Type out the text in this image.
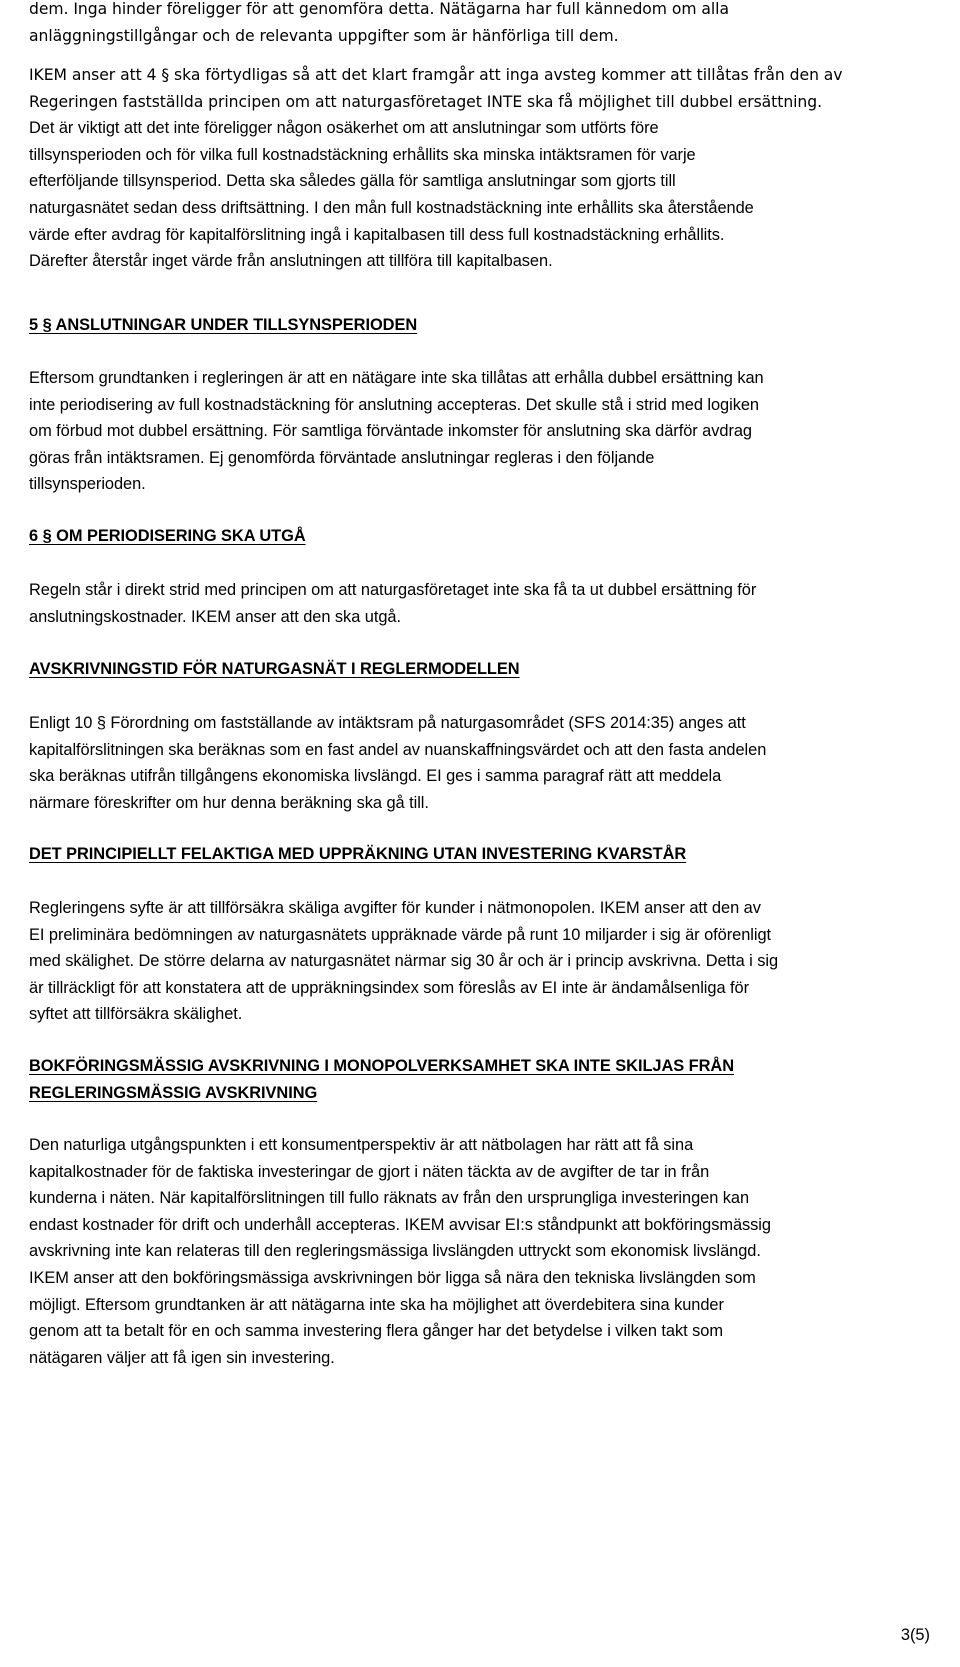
dem. Inga hinder föreligger för att genomföra detta. Nätägarna har full kännedom om alla
anläggningstillgångar och de relevanta uppgifter som är hänförliga till dem.
IKEM anser att 4 § ska förtydligas så att det klart framgår att inga avsteg kommer att tillåtas från den av
Regeringen fastställda principen om att naturgasföretaget INTE ska få möjlighet till dubbel ersättning.
Det är viktigt att det inte föreligger någon osäkerhet om att anslutningar som utförts före
tillsynsperioden och för vilka full kostnadstäckning erhållits ska minska intäktsramen för varje
efterföljande tillsynsperiod. Detta ska således gälla för samtliga anslutningar som gjorts till
naturgasnätet sedan dess driftsättning. I den mån full kostnadstäckning inte erhållits ska återstående
värde efter avdrag för kapitalförslitning ingå i kapitalbasen till dess full kostnadstäckning erhållits.
Därefter återstår inget värde från anslutningen att tillföra till kapitalbasen.
5 § ANSLUTNINGAR UNDER TILLSYNSPERIODEN
Eftersom grundtanken i regleringen är att en nätägare inte ska tillåtas att erhålla dubbel ersättning kan
inte periodisering av full kostnadstäckning för anslutning accepteras. Det skulle stå i strid med logiken
om förbud mot dubbel ersättning. För samtliga förväntade inkomster för anslutning ska därför avdrag
göras från intäktsramen. Ej genomförda förväntade anslutningar regleras i den följande
tillsynsperioden.
6 § OM PERIODISERING SKA UTGÅ
Regeln står i direkt strid med principen om att naturgasföretaget inte ska få ta ut dubbel ersättning för
anslutningskostnader. IKEM anser att den ska utgå.
AVSKRIVNINGSTID FÖR NATURGASNÄT I REGLERMODELLEN
Enligt 10 § Förordning om fastställande av intäktsram på naturgasområdet (SFS 2014:35) anges att
kapitalförslitningen ska beräknas som en fast andel av nuanskaffningsvärdet och att den fasta andelen
ska beräknas utifrån tillgångens ekonomiska livslängd. EI ges i samma paragraf rätt att meddela
närmare föreskrifter om hur denna beräkning ska gå till.
DET PRINCIPIELLT FELAKTIGA MED UPPRÄKNING UTAN INVESTERING KVARSTÅR
Regleringens syfte är att tillförsäkra skäliga avgifter för kunder i nätmonopolen. IKEM anser att den av
EI preliminära bedömningen av naturgasnätets uppräknade värde på runt 10 miljarder i sig är oförenligt
med skälighet. De större delarna av naturgasnätet närmar sig 30 år och är i princip avskrivna. Detta i sig
är tillräckligt för att konstatera att de uppräkningsindex som föreslås av EI inte är ändamålsenliga för
syftet att tillförsäkra skälighet.
BOKFÖRINGSMÄSSIG AVSKRIVNING I MONOPOLVERKSAMHET SKA INTE SKILJAS FRÅN
REGLERINGSMÄSSIG AVSKRIVNING
Den naturliga utgångspunkten i ett konsumentperspektiv är att nätbolagen har rätt att få sina
kapitalkostnader för de faktiska investeringar de gjort i näten täckta av de avgifter de tar in från
kunderna i näten. När kapitalförslitningen till fullo räknats av från den ursprungliga investeringen kan
endast kostnader för drift och underhåll accepteras. IKEM avvisar EI:s ståndpunkt att bokföringsmässig
avskrivning inte kan relateras till den regleringsmässiga livslängden uttryckt som ekonomisk livslängd.
IKEM anser att den bokföringsmässiga avskrivningen bör ligga så nära den tekniska livslängden som
möjligt. Eftersom grundtanken är att nätägarna inte ska ha möjlighet att överdebitera sina kunder
genom att ta betalt för en och samma investering flera gånger har det betydelse i vilken takt som
nätägaren väljer att få igen sin investering.
3(5)
